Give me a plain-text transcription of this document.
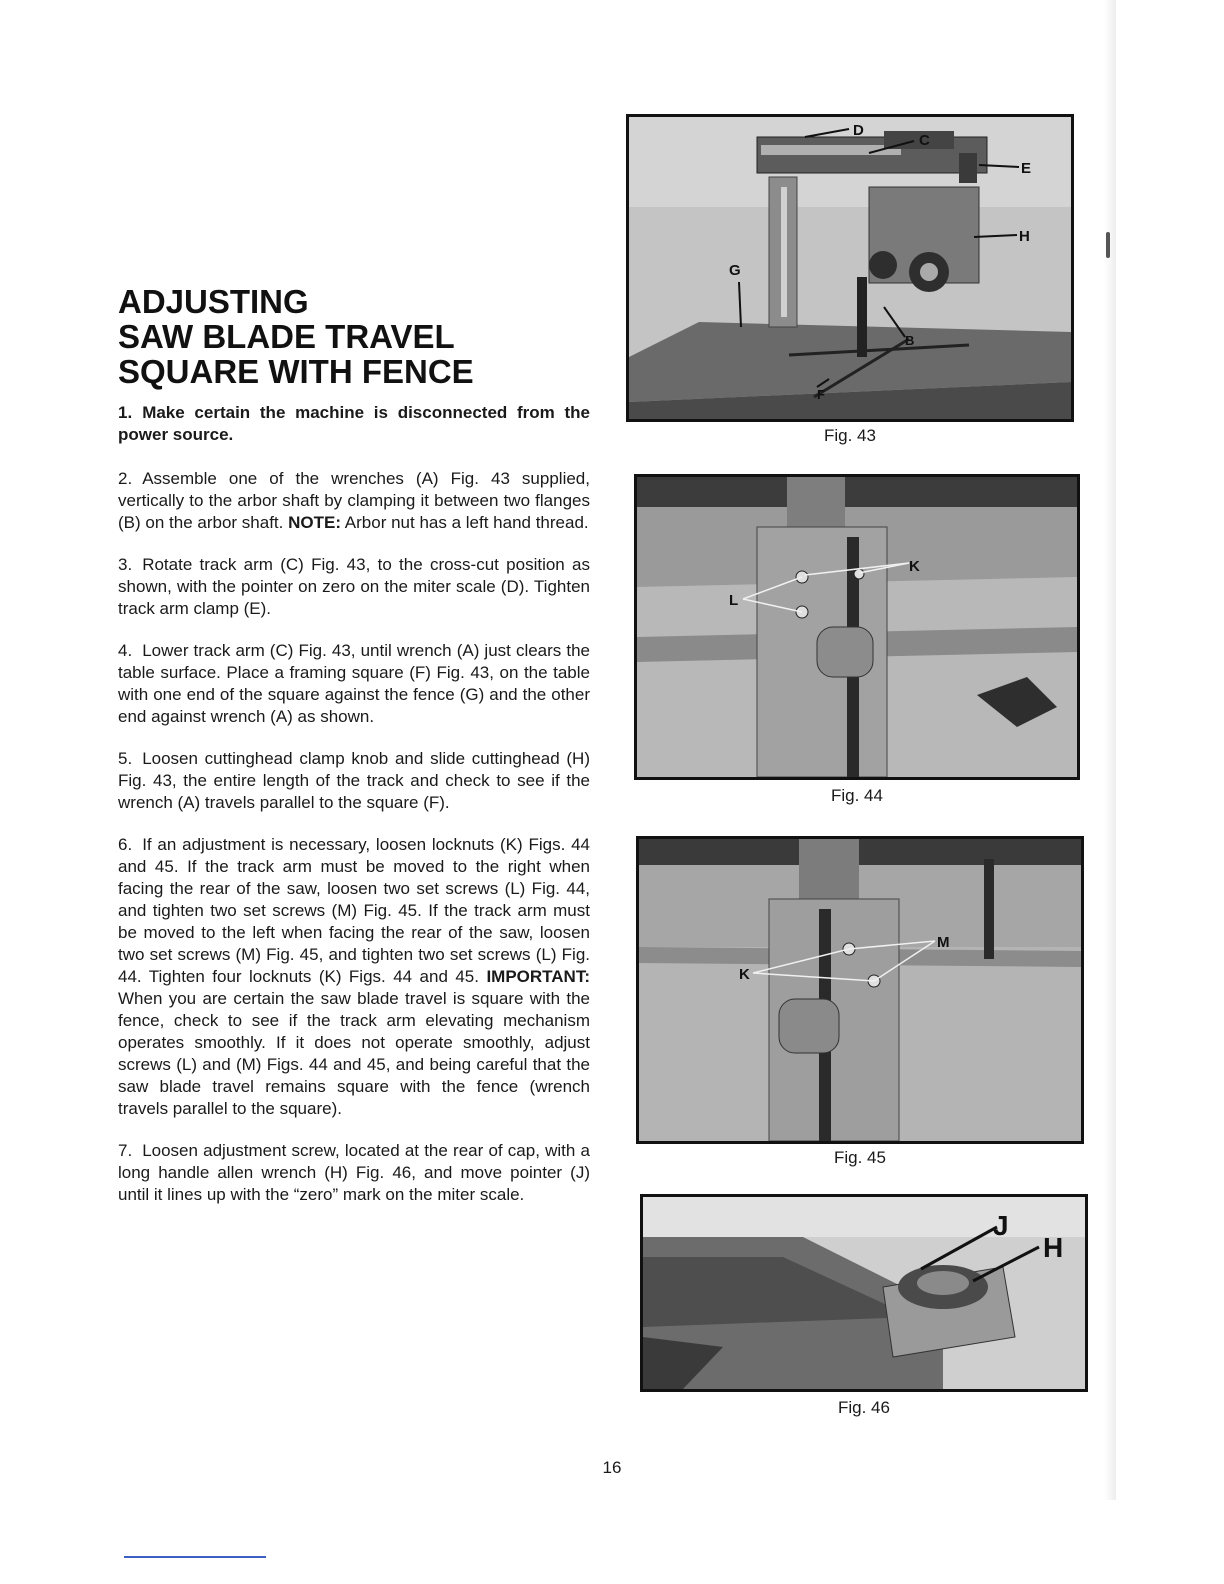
ADJUSTING
SAW BLADE TRAVEL
SQUARE WITH FENCE
1. Make certain the machine is disconnected from the power source.
2. Assemble one of the wrenches (A) Fig. 43 supplied, vertically to the arbor shaft by clamping it between two flanges (B) on the arbor shaft. NOTE: Arbor nut has a left hand thread.
3. Rotate track arm (C) Fig. 43, to the cross-cut position as shown, with the pointer on zero on the miter scale (D). Tighten track arm clamp (E).
4. Lower track arm (C) Fig. 43, until wrench (A) just clears the table surface. Place a framing square (F) Fig. 43, on the table with one end of the square against the fence (G) and the other end against wrench (A) as shown.
5. Loosen cuttinghead clamp knob and slide cuttinghead (H) Fig. 43, the entire length of the track and check to see if the wrench (A) travels parallel to the square (F).
6. If an adjustment is necessary, loosen locknuts (K) Figs. 44 and 45. If the track arm must be moved to the right when facing the rear of the saw, loosen two set screws (L) Fig. 44, and tighten two set screws (M) Fig. 45. If the track arm must be moved to the left when facing the rear of the saw, loosen two set screws (M) Fig. 45, and tighten two set screws (L) Fig. 44. Tighten four locknuts (K) Figs. 44 and 45. IMPORTANT: When you are certain the saw blade travel is square with the fence, check to see if the track arm elevating mechanism operates smoothly. If it does not operate smoothly, adjust screws (L) and (M) Figs. 44 and 45, and being careful that the saw blade travel remains square with the fence (wrench travels parallel to the square).
7. Loosen adjustment screw, located at the rear of cap, with a long handle allen wrench (H) Fig. 46, and move pointer (J) until it lines up with the “zero” mark on the miter scale.
D
C
E
H
G
B
F
Fig. 43
K
L
Fig. 44
M
K
Fig. 45
J
H
Fig. 46
16
